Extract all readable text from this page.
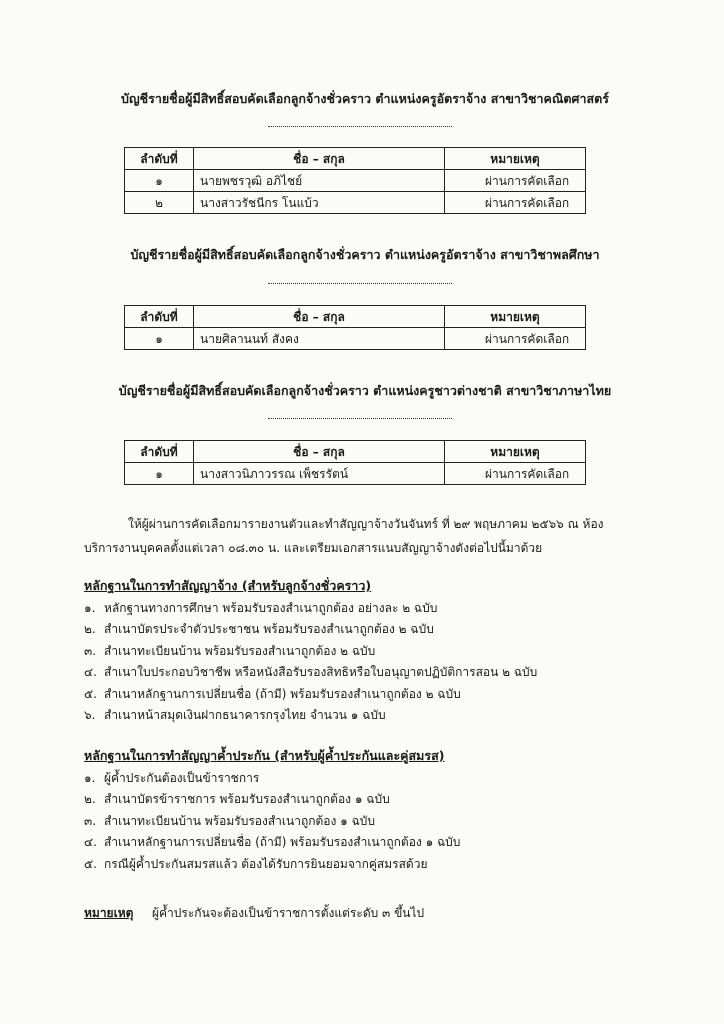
บัญชีรายชื่อผู้มีสิทธิ์สอบคัดเลือกลูกจ้างชั่วคราว ตำแหน่งครูอัตราจ้าง สาขาวิชาคณิตศาสตร์
ลำดับที่	ชื่อ – สกุล	หมายเหตุ
๑	นายพชรวุฒิ อภิไชย์	ผ่านการคัดเลือก
๒	นางสาวรัชนีกร โนแบ้ว	ผ่านการคัดเลือก
บัญชีรายชื่อผู้มีสิทธิ์สอบคัดเลือกลูกจ้างชั่วคราว ตำแหน่งครูอัตราจ้าง สาขาวิชาพลศึกษา
ลำดับที่	ชื่อ – สกุล	หมายเหตุ
๑	นายศิลานนท์ สังคง	ผ่านการคัดเลือก
บัญชีรายชื่อผู้มีสิทธิ์สอบคัดเลือกลูกจ้างชั่วคราว ตำแหน่งครูชาวต่างชาติ สาขาวิชาภาษาไทย
ลำดับที่	ชื่อ – สกุล	หมายเหตุ
๑	นางสาวนิภาวรรณ เพ็ชรรัตน์	ผ่านการคัดเลือก
ให้ผู้ผ่านการคัดเลือกมารายงานตัวและทำสัญญาจ้างวันจันทร์ ที่ ๒๙ พฤษภาคม ๒๕๖๖ ณ ห้อง
บริการงานบุคคลตั้งแต่เวลา ๐๘.๓๐ น. และเตรียมเอกสารแนบสัญญาจ้างดังต่อไปนี้มาด้วย
หลักฐานในการทำสัญญาจ้าง (สำหรับลูกจ้างชั่วคราว)
๑. หลักฐานทางการศึกษา พร้อมรับรองสำเนาถูกต้อง อย่างละ ๒ ฉบับ
๒. สำเนาบัตรประจำตัวประชาชน พร้อมรับรองสำเนาถูกต้อง ๒ ฉบับ
๓. สำเนาทะเบียนบ้าน พร้อมรับรองสำเนาถูกต้อง ๒ ฉบับ
๔. สำเนาใบประกอบวิชาชีพ หรือหนังสือรับรองสิทธิหรือใบอนุญาตปฏิบัติการสอน ๒ ฉบับ
๕. สำเนาหลักฐานการเปลี่ยนชื่อ (ถ้ามี) พร้อมรับรองสำเนาถูกต้อง ๒ ฉบับ
๖. สำเนาหน้าสมุดเงินฝากธนาคารกรุงไทย จำนวน ๑ ฉบับ
หลักฐานในการทำสัญญาค้ำประกัน (สำหรับผู้ค้ำประกันและคู่สมรส)
๑. ผู้ค้ำประกันต้องเป็นข้าราชการ
๒. สำเนาบัตรข้าราชการ พร้อมรับรองสำเนาถูกต้อง ๑ ฉบับ
๓. สำเนาทะเบียนบ้าน พร้อมรับรองสำเนาถูกต้อง ๑ ฉบับ
๔. สำเนาหลักฐานการเปลี่ยนชื่อ (ถ้ามี) พร้อมรับรองสำเนาถูกต้อง ๑ ฉบับ
๕. กรณีผู้ค้ำประกันสมรสแล้ว ต้องได้รับการยินยอมจากคู่สมรสด้วย
หมายเหตุ ผู้ค้ำประกันจะต้องเป็นข้าราชการตั้งแต่ระดับ ๓ ขึ้นไป
